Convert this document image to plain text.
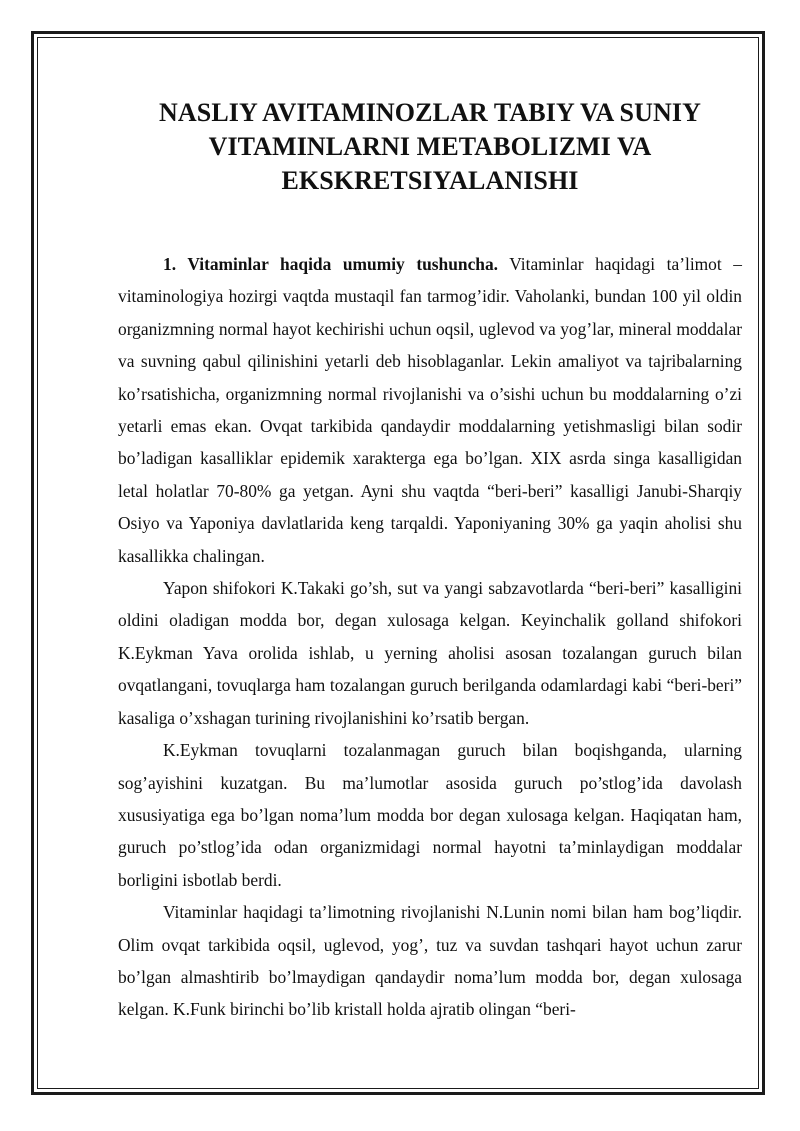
NASLIY AVITAMINOZLAR TABIY VA SUNIY VITAMINLARNI METABOLIZMI VA EKSKRETSIYALANISHI

1. Vitaminlar haqida umumiy tushuncha. Vitaminlar haqidagi ta’limot – vitaminologiya hozirgi vaqtda mustaqil fan tarmog’idir. Vaholanki, bundan 100 yil oldin organizmning normal hayot kechirishi uchun oqsil, uglevod va yog’lar, mineral moddalar va suvning qabul qilinishini yetarli deb hisoblaganlar. Lekin amaliyot va tajribalarning ko’rsatishicha, organizmning normal rivojlanishi va o’sishi uchun bu moddalarning o’zi yetarli emas ekan. Ovqat tarkibida qandaydir moddalarning yetishmasligi bilan sodir bo’ladigan kasalliklar epidemik xarakterga ega bo’lgan. XIX asrda singa kasalligidan letal holatlar 70-80% ga yetgan. Ayni shu vaqtda “beri-beri” kasalligi Janubi-Sharqiy Osiyo va Yaponiya davlatlarida keng tarqaldi. Yaponiyaning 30% ga yaqin aholisi shu kasallikka chalingan.

Yapon shifokori K.Takaki go’sh, sut va yangi sabzavotlarda “beri-beri” kasalligini oldini oladigan modda bor, degan xulosaga kelgan. Keyinchalik golland shifokori K.Eykman Yava orolida ishlab, u yerning aholisi asosan tozalangan guruch bilan ovqatlangani, tovuqlarga ham tozalangan guruch berilganda odamlardagi kabi “beri-beri” kasaliga o’xshagan turining rivojlanishini ko’rsatib bergan.

K.Eykman tovuqlarni tozalanmagan guruch bilan boqishganda, ularning sog’ayishini kuzatgan. Bu ma’lumotlar asosida guruch po’stlog’ida davolash xususiyatiga ega bo’lgan noma’lum modda bor degan xulosaga kelgan. Haqiqatan ham, guruch po’stlog’ida odan organizmidagi normal hayotni ta’minlaydigan moddalar borligini isbotlab berdi.

Vitaminlar haqidagi ta’limotning rivojlanishi N.Lunin nomi bilan ham bog’liqdir. Olim ovqat tarkibida oqsil, uglevod, yog’, tuz va suvdan tashqari hayot uchun zarur bo’lgan almashtirib bo’lmaydigan qandaydir noma’lum modda bor, degan xulosaga kelgan. K.Funk birinchi bo’lib kristall holda ajratib olingan “beri-
